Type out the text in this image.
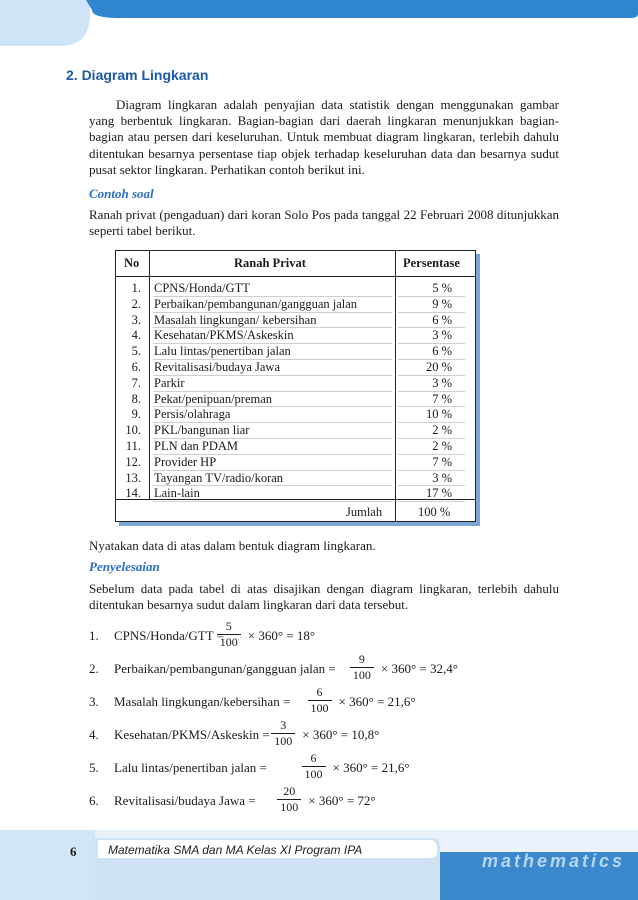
2. Diagram Lingkaran
Diagram lingkaran adalah penyajian data statistik dengan menggunakan gambar yang berbentuk lingkaran. Bagian-bagian dari daerah lingkaran menunjukkan bagian-bagian atau persen dari keseluruhan. Untuk membuat diagram lingkaran, terlebih dahulu ditentukan besarnya persentase tiap objek terhadap keseluruhan data dan besarnya sudut pusat sektor lingkaran. Perhatikan contoh berikut ini.
Contoh soal
Ranah privat (pengaduan) dari koran Solo Pos pada tanggal 22 Februari 2008 ditunjukkan seperti tabel berikut.
No	Ranah Privat	Persentase
1. CPNS/Honda/GTT	5 %
2. Perbaikan/pembangunan/gangguan jalan	9 %
3. Masalah lingkungan/ kebersihan	6 %
4. Kesehatan/PKMS/Askeskin	3 %
5. Lalu lintas/penertiban jalan	6 %
6. Revitalisasi/budaya Jawa	20 %
7. Parkir	3 %
8. Pekat/penipuan/preman	7 %
9. Persis/olahraga	10 %
10. PKL/bangunan liar	2 %
11. PLN dan PDAM	2 %
12. Provider HP	7 %
13. Tayangan TV/radio/koran	3 %
14. Lain-lain	17 %
Jumlah	100 %
Nyatakan data di atas dalam bentuk diagram lingkaran.
Penyelesaian
Sebelum data pada tabel di atas disajikan dengan diagram lingkaran, terlebih dahulu ditentukan besarnya sudut dalam lingkaran dari data tersebut.
1. CPNS/Honda/GTT =
$\frac{5}{100} \times 360^\circ = 18^\circ$
2. Perbaikan/pembangunan/gangguan jalan = $\frac{9}{100} \times 360^\circ = 32,4^\circ$
3. Masalah lingkungan/kebersihan = $\frac{6}{100} \times 360^\circ = 21,6^\circ$
4. Kesehatan/PKMS/Askeskin = $\frac{3}{100} \times 360^\circ = 10,8^\circ$
5. Lalu lintas/penertiban jalan =	$\frac{6}{100} \times 360^\circ = 21,6^\circ$
6. Revitalisasi/budaya Jawa = $\frac{20}{100} \times 360^\circ = 72^\circ$
6	Matematika SMA dan MA Kelas XI Program IPA
mathematics
